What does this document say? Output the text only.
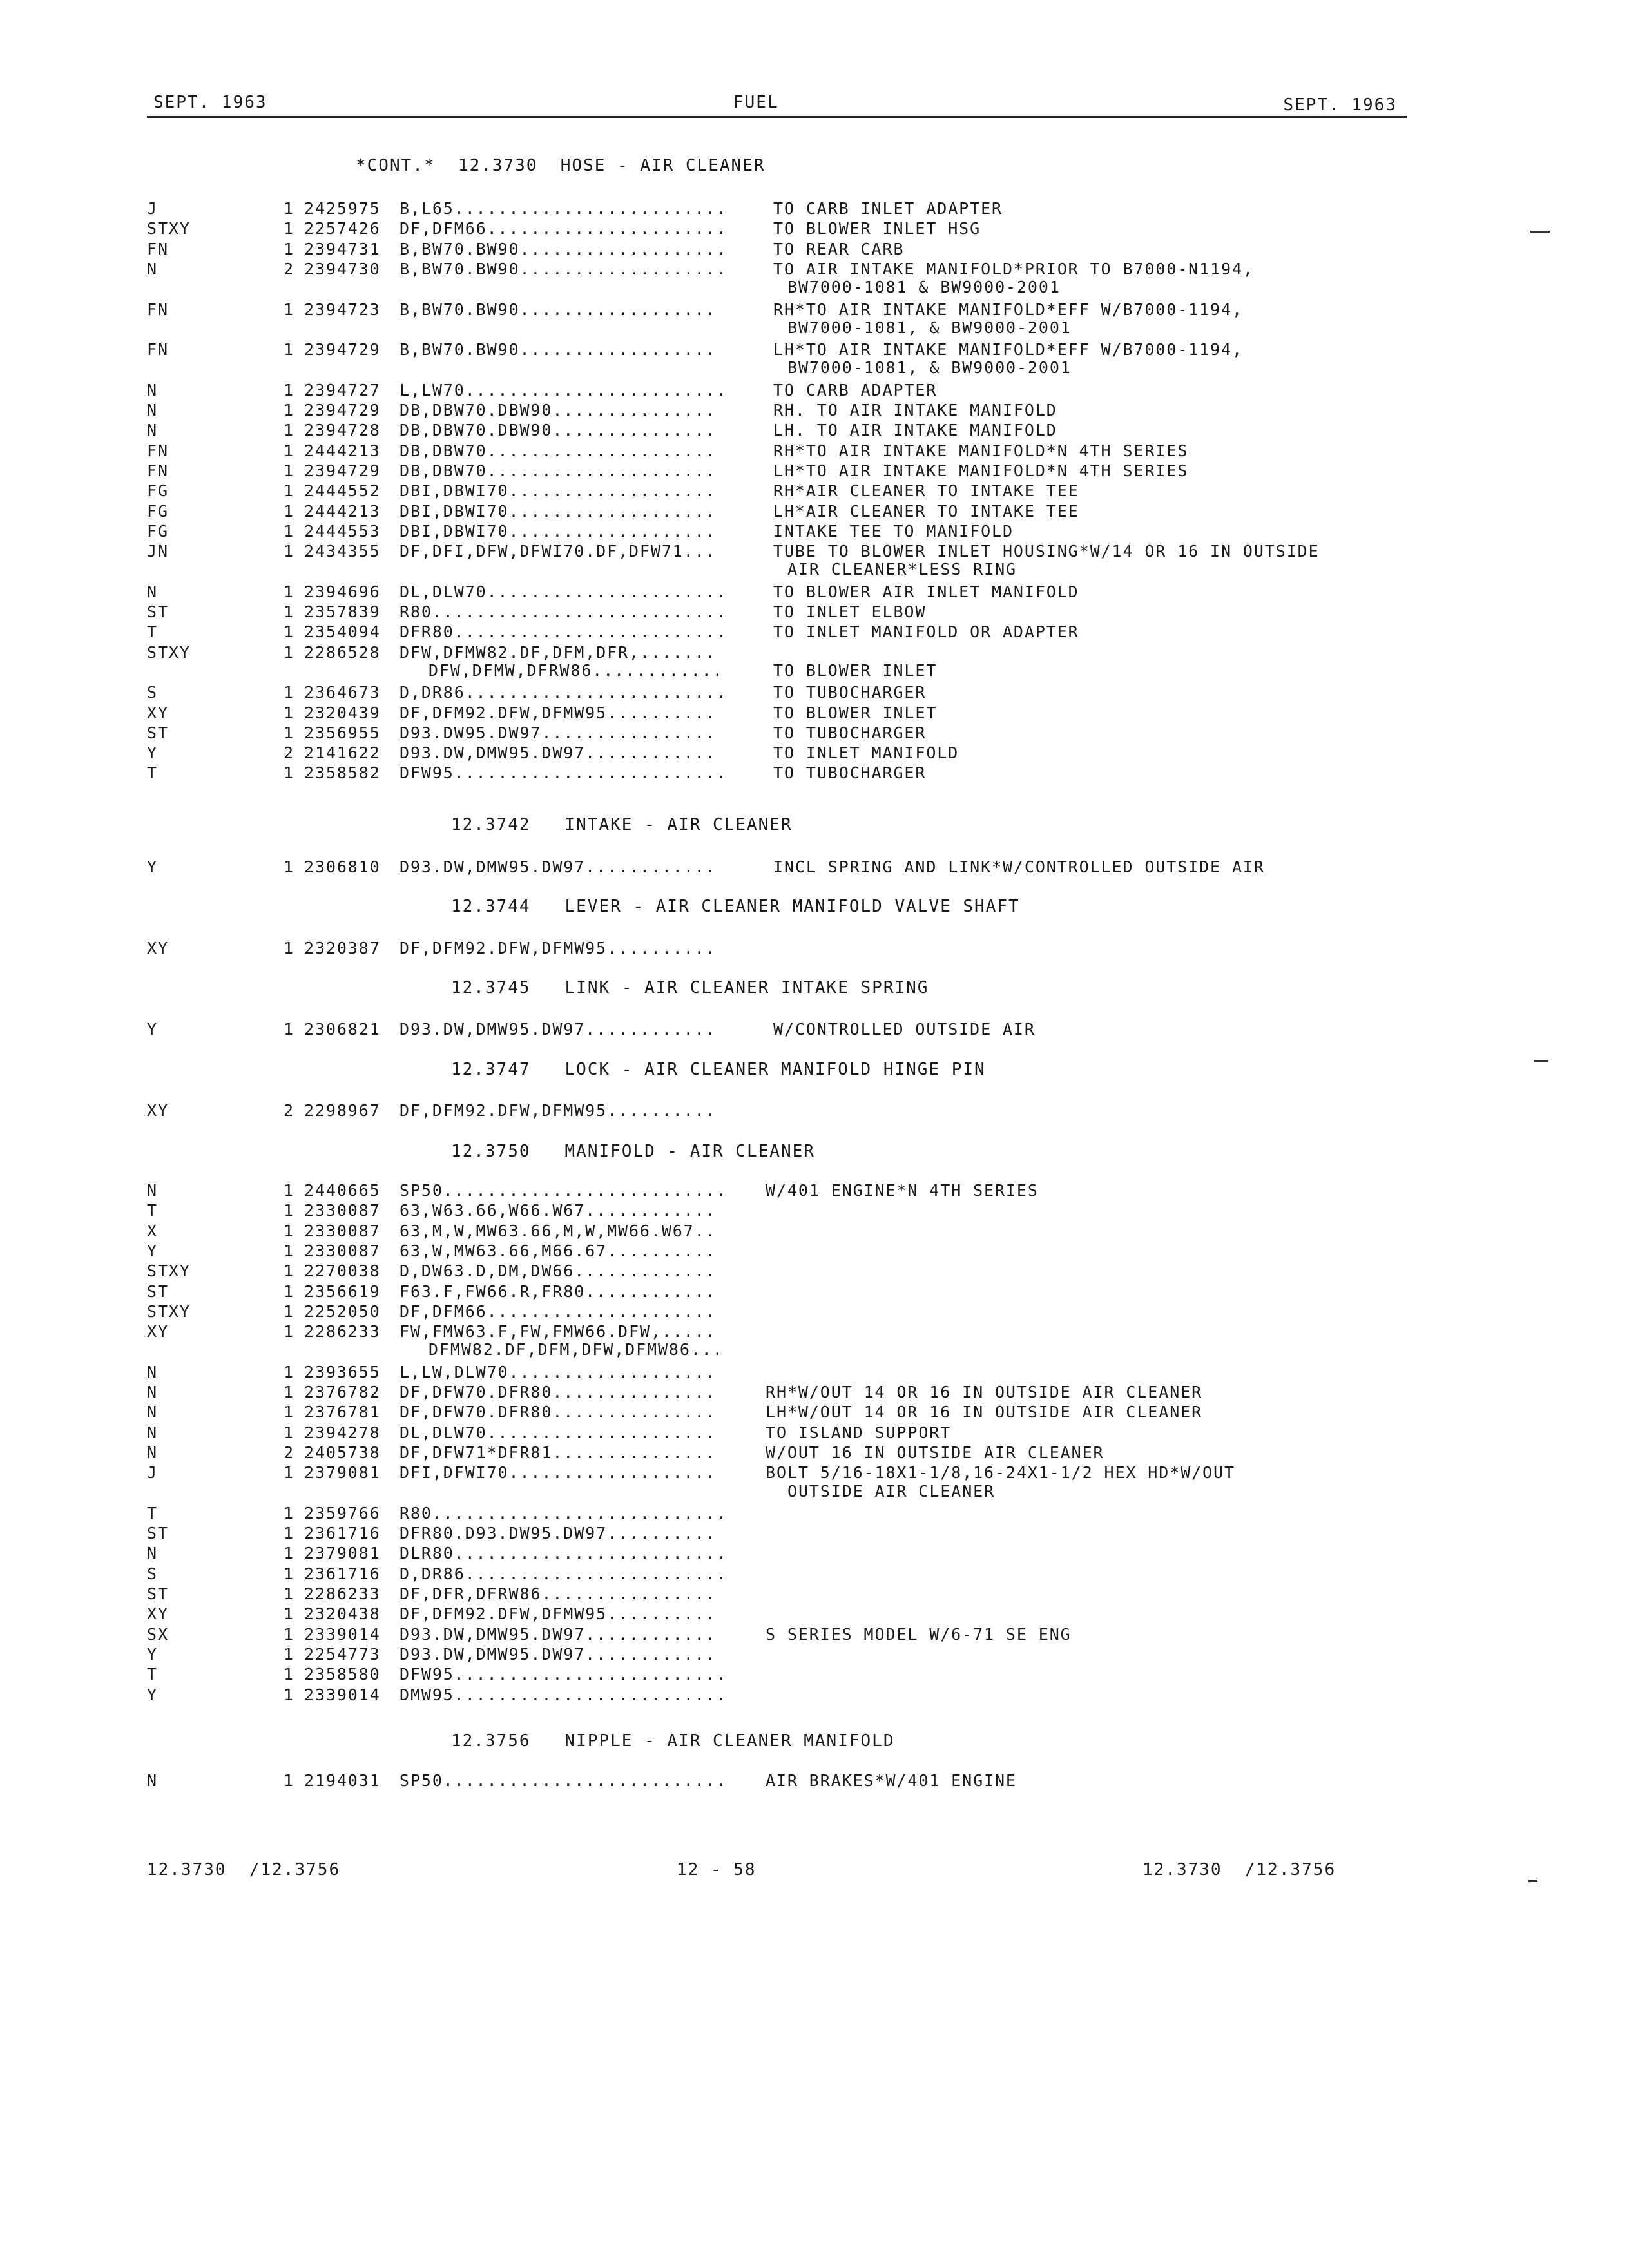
SEPT. 1963	FUEL	SEPT. 1963
*CONT.*  12.3730  HOSE - AIR CLEANER
J	1 2425975 B,L65.........................	TO CARB INLET ADAPTER
STXY	1 2257426 DF,DFM66......................	TO BLOWER INLET HSG
FN	1 2394731 B,BW70.BW90...................	TO REAR CARB
N	2 2394730 B,BW70.BW90...................	TO AIR INTAKE MANIFOLD*PRIOR TO B7000-N1194,
BW7000-1081 & BW9000-2001
FN	1 2394723 B,BW70.BW90..................	RH*TO AIR INTAKE MANIFOLD*EFF W/B7000-1194,
BW7000-1081, & BW9000-2001
FN	1 2394729 B,BW70.BW90..................	LH*TO AIR INTAKE MANIFOLD*EFF W/B7000-1194,
BW7000-1081, & BW9000-2001
N	1 2394727 L,LW70........................	TO CARB ADAPTER
N	1 2394729 DB,DBW70.DBW90...............	RH. TO AIR INTAKE MANIFOLD
N	1 2394728 DB,DBW70.DBW90...............	LH. TO AIR INTAKE MANIFOLD
FN	1 2444213 DB,DBW70.....................	RH*TO AIR INTAKE MANIFOLD*N 4TH SERIES
FN	1 2394729 DB,DBW70.....................	LH*TO AIR INTAKE MANIFOLD*N 4TH SERIES
FG	1 2444552 DBI,DBWI70...................	RH*AIR CLEANER TO INTAKE TEE
FG	1 2444213 DBI,DBWI70...................	LH*AIR CLEANER TO INTAKE TEE
FG	1 2444553 DBI,DBWI70...................	INTAKE TEE TO MANIFOLD
JN	1 2434355 DF,DFI,DFW,DFWI70.DF,DFW71...	TUBE TO BLOWER INLET HOUSING*W/14 OR 16 IN OUTSIDE
AIR CLEANER*LESS RING
N	1 2394696 DL,DLW70......................	TO BLOWER AIR INLET MANIFOLD
ST	1 2357839 R80...........................	TO INLET ELBOW
T	1 2354094 DFR80.........................	TO INLET MANIFOLD OR ADAPTER
STXY	1 2286528 DFW,DFMW82.DF,DFM,DFR,.......
DFW,DFMW,DFRW86............	TO BLOWER INLET
S	1 2364673 D,DR86........................	TO TUBOCHARGER
XY	1 2320439 DF,DFM92.DFW,DFMW95..........	TO BLOWER INLET
ST	1 2356955 D93.DW95.DW97................	TO TUBOCHARGER
Y	2 2141622 D93.DW,DMW95.DW97............	TO INLET MANIFOLD
T	1 2358582 DFW95.........................	TO TUBOCHARGER
12.3742   INTAKE - AIR CLEANER
Y	1 2306810 D93.DW,DMW95.DW97............	INCL SPRING AND LINK*W/CONTROLLED OUTSIDE AIR
12.3744   LEVER - AIR CLEANER MANIFOLD VALVE SHAFT
XY	1 2320387 DF,DFM92.DFW,DFMW95..........
12.3745   LINK - AIR CLEANER INTAKE SPRING
Y	1 2306821 D93.DW,DMW95.DW97............	W/CONTROLLED OUTSIDE AIR
12.3747   LOCK - AIR CLEANER MANIFOLD HINGE PIN
XY	2 2298967 DF,DFM92.DFW,DFMW95..........
12.3750   MANIFOLD - AIR CLEANER
N	1 2440665 SP50.......................... W/401 ENGINE*N 4TH SERIES
T	1 2330087 63,W63.66,W66.W67............
X	1 2330087 63,M,W,MW63.66,M,W,MW66.W67..
Y	1 2330087 63,W,MW63.66,M66.67..........
STXY	1 2270038 D,DW63.D,DM,DW66.............
ST	1 2356619 F63.F,FW66.R,FR80............
STXY	1 2252050 DF,DFM66.....................
XY	1 2286233 FW,FMW63.F,FW,FMW66.DFW,.....
DFMW82.DF,DFM,DFW,DFMW86...
N	1 2393655 L,LW,DLW70...................
N	1 2376782 DF,DFW70.DFR80...............	RH*W/OUT 14 OR 16 IN OUTSIDE AIR CLEANER
N	1 2376781 DF,DFW70.DFR80...............	LH*W/OUT 14 OR 16 IN OUTSIDE AIR CLEANER
N	1 2394278 DL,DLW70.....................	TO ISLAND SUPPORT
N	2 2405738 DF,DFW71*DFR81...............	W/OUT 16 IN OUTSIDE AIR CLEANER
J	1 2379081 DFI,DFWI70...................	BOLT 5/16-18X1-1/8,16-24X1-1/2 HEX HD*W/OUT
OUTSIDE AIR CLEANER
T	1 2359766 R80...........................
ST	1 2361716 DFR80.D93.DW95.DW97..........
N	1 2379081 DLR80.........................
S	1 2361716 D,DR86........................
ST	1 2286233 DF,DFR,DFRW86................
XY	1 2320438 DF,DFM92.DFW,DFMW95..........
SX	1 2339014 D93.DW,DMW95.DW97............	S SERIES MODEL W/6-71 SE ENG
Y	1 2254773 D93.DW,DMW95.DW97............
T	1 2358580 DFW95.........................
Y	1 2339014 DMW95.........................
12.3756   NIPPLE - AIR CLEANER MANIFOLD
N	1 2194031 SP50.......................... AIR BRAKES*W/401 ENGINE
12.3730  /12.3756	12 - 58	12.3730  /12.3756
